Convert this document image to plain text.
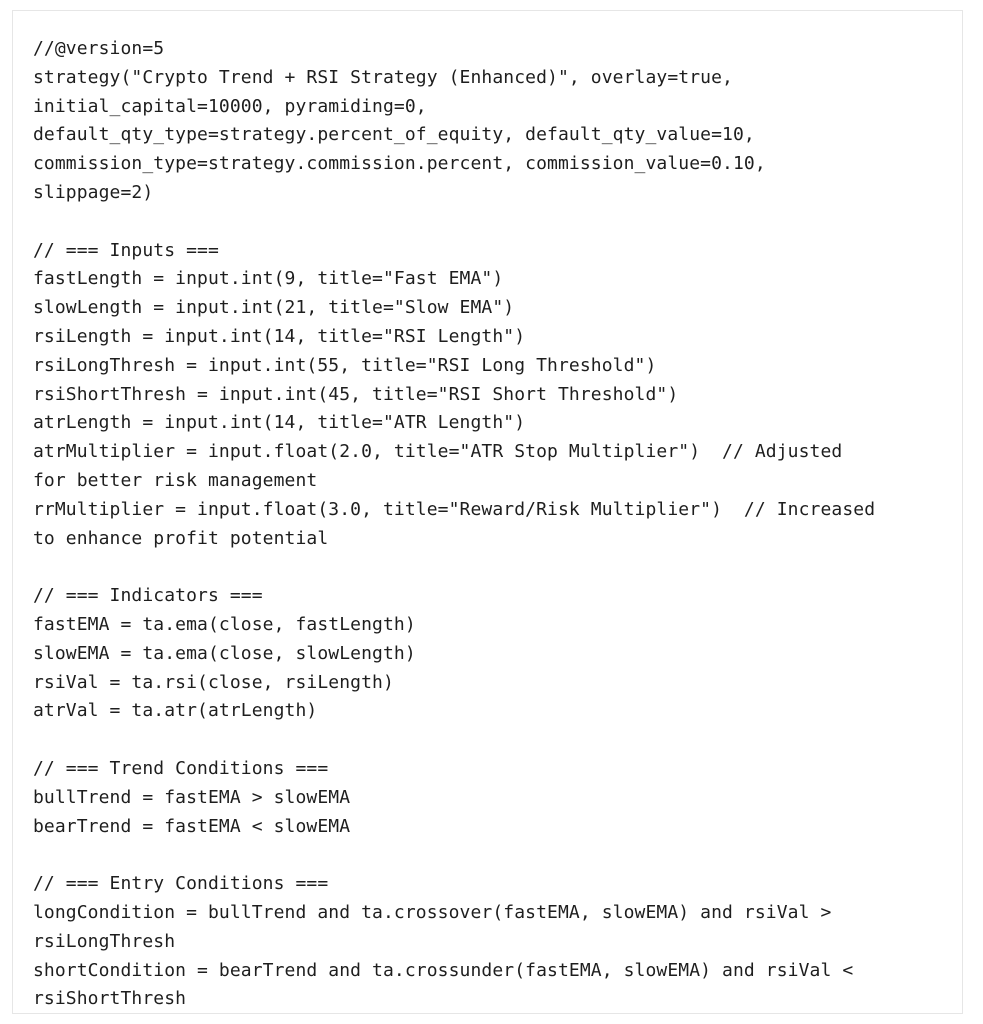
//@version=5
strategy("Crypto Trend + RSI Strategy (Enhanced)", overlay=true,
initial_capital=10000, pyramiding=0,
default_qty_type=strategy.percent_of_equity, default_qty_value=10,
commission_type=strategy.commission.percent, commission_value=0.10,
slippage=2)
// === Inputs ===
fastLength = input.int(9, title="Fast EMA")
slowLength = input.int(21, title="Slow EMA")
rsiLength = input.int(14, title="RSI Length")
rsiLongThresh = input.int(55, title="RSI Long Threshold")
rsiShortThresh = input.int(45, title="RSI Short Threshold")
atrLength = input.int(14, title="ATR Length")
atrMultiplier = input.float(2.0, title="ATR Stop Multiplier")  // Adjusted
for better risk management
rrMultiplier = input.float(3.0, title="Reward/Risk Multiplier")  // Increased
to enhance profit potential
// === Indicators ===
fastEMA = ta.ema(close, fastLength)
slowEMA = ta.ema(close, slowLength)
rsiVal = ta.rsi(close, rsiLength)
atrVal = ta.atr(atrLength)
// === Trend Conditions ===
bullTrend = fastEMA > slowEMA
bearTrend = fastEMA < slowEMA
// === Entry Conditions ===
longCondition = bullTrend and ta.crossover(fastEMA, slowEMA) and rsiVal >
rsiLongThresh
shortCondition = bearTrend and ta.crossunder(fastEMA, slowEMA) and rsiVal <
rsiShortThresh
